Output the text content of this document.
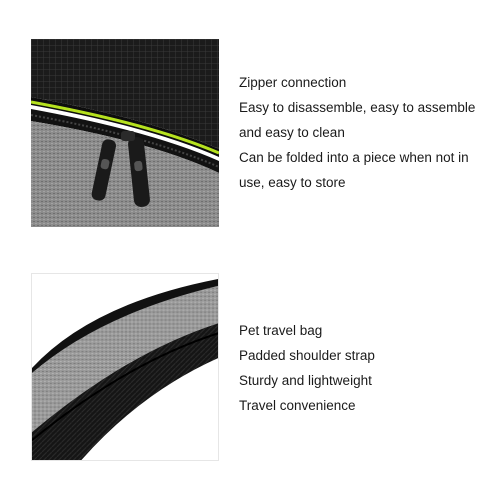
Zipper connection
Easy to disassemble, easy to assemble
and easy to clean
Can be folded into a piece when not in
use, easy to store
Pet travel bag
Padded shoulder strap
Sturdy and lightweight
Travel convenience
